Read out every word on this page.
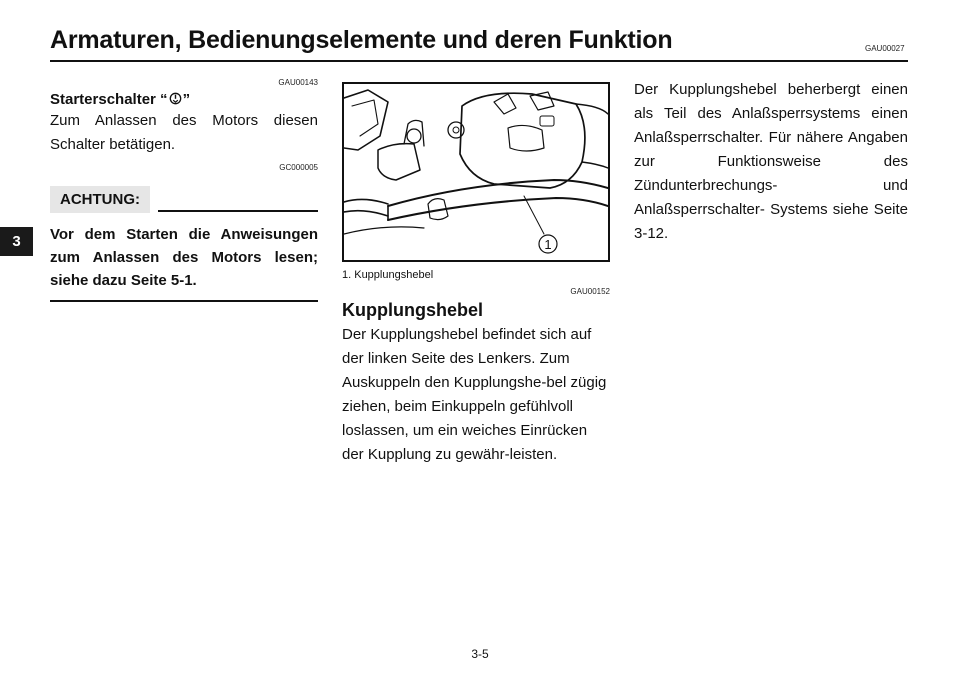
Armaturen, Bedienungselemente und deren Funktion	GAU00027
3
GAU00143
Starterschalter “ ”

Zum Anlassen des Motors diesen Schalter betätigen.

GC000005
ACHTUNG:

Vor dem Starten die Anweisungen zum Anlassen des Motors lesen; siehe dazu Seite 5-1.

1
1. Kupplungshebel
GAU00152
Kupplungshebel

Der Kupplungshebel befindet sich auf der linken Seite des Lenkers. Zum Auskuppeln den Kupplungshe-bel zügig ziehen, beim Einkuppeln gefühlvoll loslassen, um ein weiches Einrücken der Kupplung zu gewähr-leisten.

Der Kupplungshebel beherbergt einen als Teil des Anlaßsperrsystems einen Anlaßsperrschalter. Für nähere Angaben zur Funktionsweise des Zündunterbrechungs- und Anlaßsperrschalter- Systems siehe Seite 3-12.

3-5
